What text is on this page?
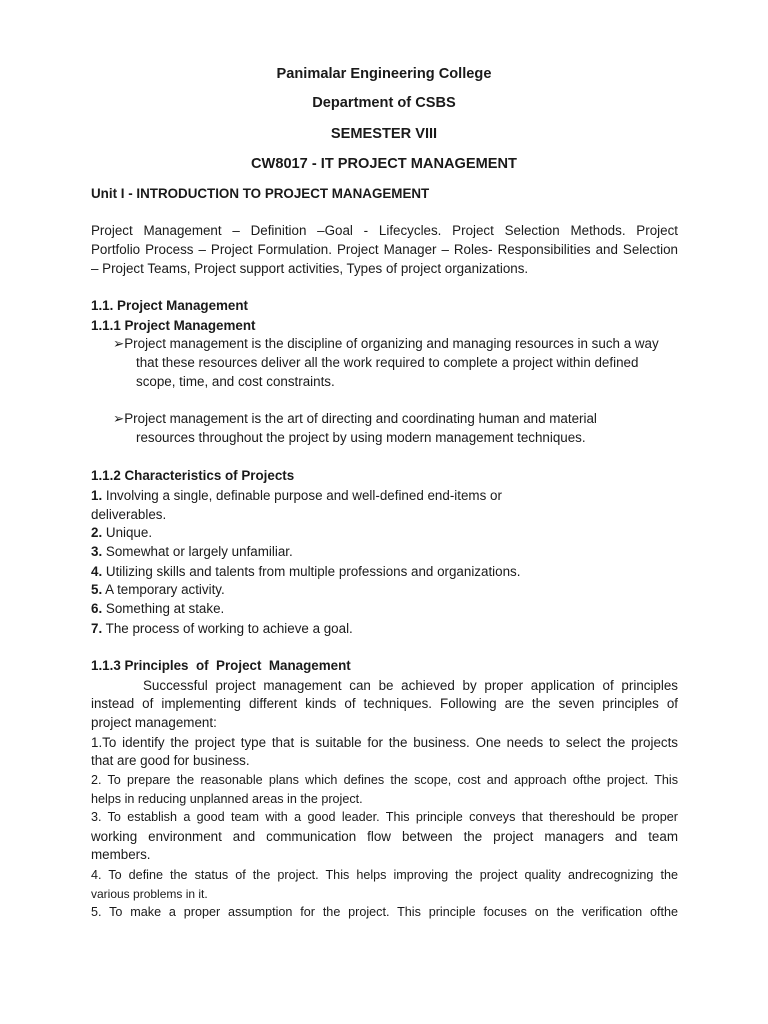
Panimalar Engineering College
Department of CSBS
SEMESTER VIII
CW8017 - IT PROJECT MANAGEMENT
Unit I - INTRODUCTION TO PROJECT MANAGEMENT
Project Management – Definition –Goal - Lifecycles. Project Selection Methods. Project
Portfolio Process – Project Formulation. Project Manager – Roles- Responsibilities and Selection
– Project Teams, Project support activities, Types of project organizations.
1.1. Project Management
1.1.1 Project Management
➢Project management is the discipline of organizing and managing resources in such a way
that these resources deliver all the work required to complete a project within defined
scope, time, and cost constraints.
➢Project management is the art of directing and coordinating human and material
resources throughout the project by using modern management techniques.
1.1.2 Characteristics of Projects
1. Involving a single, definable purpose and well-defined end-items or
deliverables.
2. Unique.
3. Somewhat or largely unfamiliar.
4. Utilizing skills and talents from multiple professions and organizations.
5. A temporary activity.
6. Something at stake.
7. The process of working to achieve a goal.
1.1.3 Principles  of  Project  Management
Successful project management can be achieved by proper application of principles
instead of implementing different kinds of techniques. Following are the seven principles of
project management:
1.To identify the project type that is suitable for the business. One needs to select the projects
that are good for business.
2. To prepare the reasonable plans which defines the scope, cost and approach ofthe project. This
helps in reducing unplanned areas in the project.
3. To establish a good team with a good leader. This principle conveys that thereshould be proper
working environment and communication flow between the project managers and team
members.
4. To define the status of the project. This helps improving the project quality andrecognizing the
various problems in it.
5. To make a proper assumption for the project. This principle focuses on the verification ofthe
